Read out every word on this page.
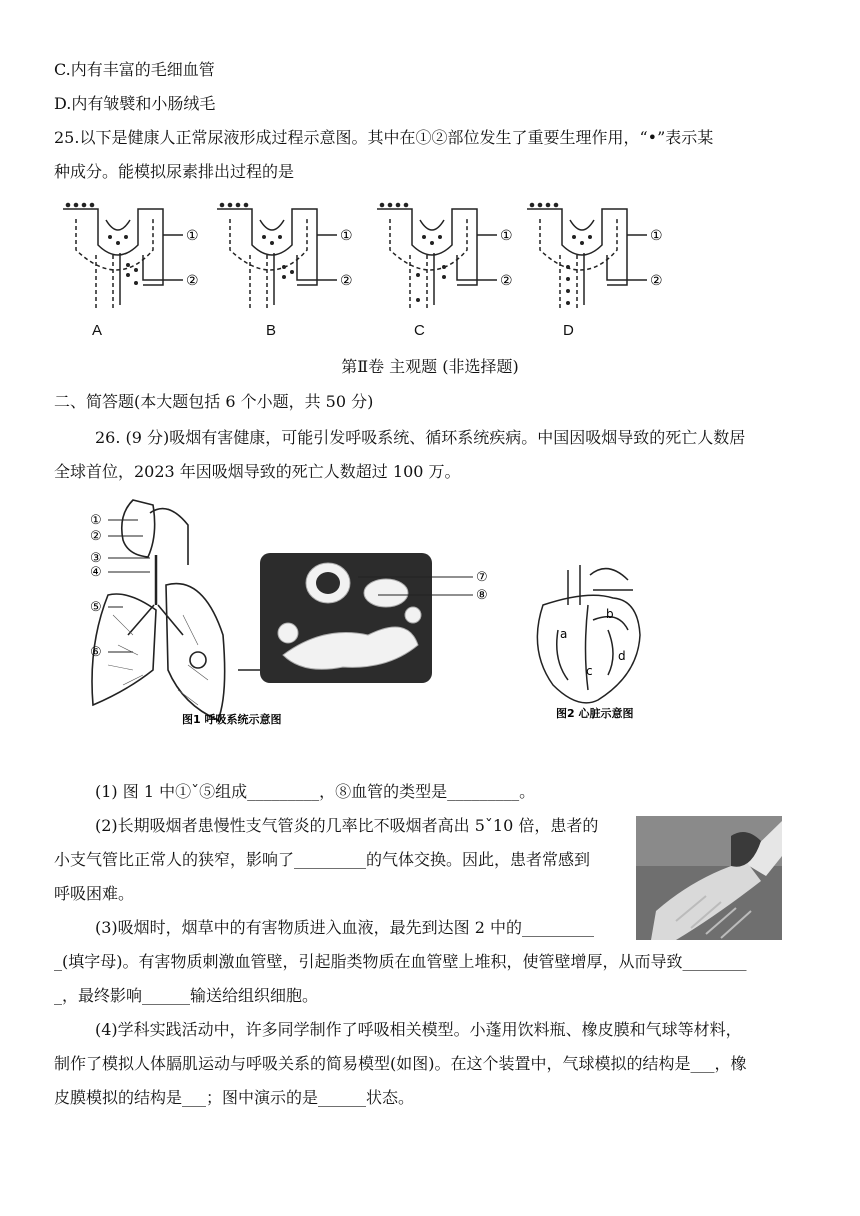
C.内有丰富的毛细血管
D.内有皱襞和小肠绒毛
25.以下是健康人正常尿液形成过程示意图。其中在①②部位发生了重要生理作用，“•”表示某
种成分。能模拟尿素排出过程的是
①
②
①
②
①
②
①
②
A	B	C	D
第Ⅱ卷 主观题 (非选择题)
二、简答题(本大题包括 6 个小题，共 50 分)
26. (9 分)吸烟有害健康，可能引发呼吸系统、循环系统疾病。中国因吸烟导致的死亡人数居
全球首位，2023 年因吸烟导致的死亡人数超过 100 万。
①
②
③
④
⑤
⑥
⑦
⑧
图1 呼吸系统示意图
a
b
c
d
图2 心脏示意图
(1) 图 1 中①ˇ⑤组成_________，⑧血管的类型是_________。
(2)长期吸烟者患慢性支气管炎的几率比不吸烟者高出 5ˇ10 倍，患者的
小支气管比正常人的狭窄，影响了_________的气体交换。因此，患者常感到
呼吸困难。
(3)吸烟时，烟草中的有害物质进入血液，最先到达图 2 中的_________
_(填字母)。有害物质刺激血管壁，引起脂类物质在血管壁上堆积，使管壁增厚，从而导致________
_，最终影响______输送给组织细胞。
(4)学科实践活动中，许多同学制作了呼吸相关模型。小蓬用饮料瓶、橡皮膜和气球等材料，
制作了模拟人体膈肌运动与呼吸关系的简易模型(如图)。在这个装置中，气球模拟的结构是___，橡
皮膜模拟的结构是___；图中演示的是______状态。
